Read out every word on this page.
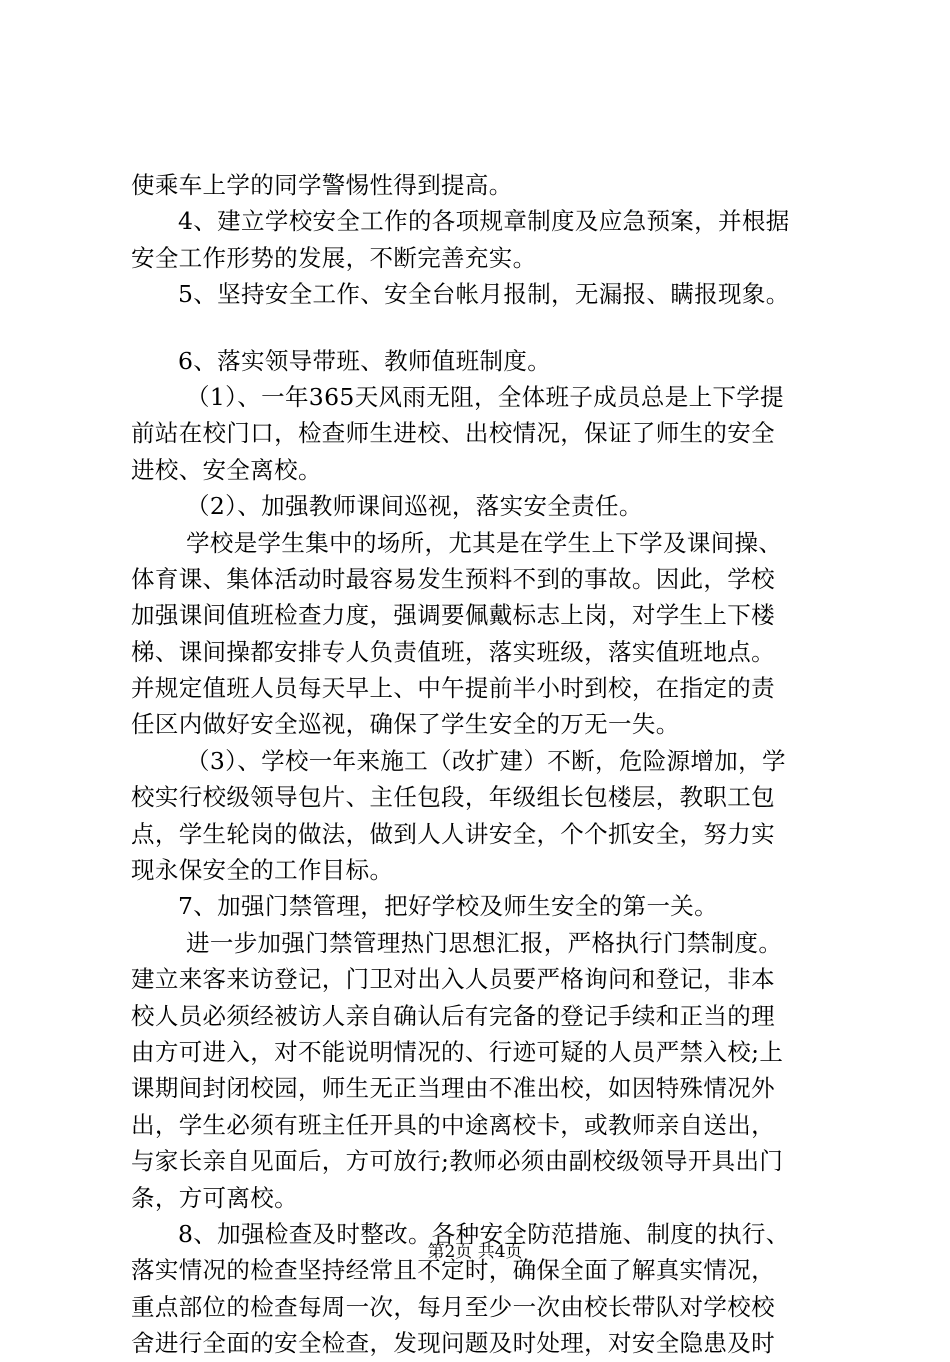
使乘车上学的同学警惕性得到提高。
4、建立学校安全工作的各项规章制度及应急预案，并根据
安全工作形势的发展，不断完善充实。
5、坚持安全工作、安全台帐月报制，无漏报、瞒报现象。
6、落实领导带班、教师值班制度。
（1）、一年365天风雨无阻，全体班子成员总是上下学提
前站在校门口，检查师生进校、出校情况，保证了师生的安全
进校、安全离校。
（2）、加强教师课间巡视，落实安全责任。
学校是学生集中的场所，尤其是在学生上下学及课间操、
体育课、集体活动时最容易发生预料不到的事故。因此，学校
加强课间值班检查力度，强调要佩戴标志上岗，对学生上下楼
梯、课间操都安排专人负责值班，落实班级，落实值班地点。
并规定值班人员每天早上、中午提前半小时到校，在指定的责
任区内做好安全巡视，确保了学生安全的万无一失。
（3）、学校一年来施工（改扩建）不断，危险源增加，学
校实行校级领导包片、主任包段，年级组长包楼层，教职工包
点，学生轮岗的做法，做到人人讲安全，个个抓安全，努力实
现永保安全的工作目标。
7、加强门禁管理，把好学校及师生安全的第一关。
进一步加强门禁管理热门思想汇报，严格执行门禁制度。
建立来客来访登记，门卫对出入人员要严格询问和登记，非本
校人员必须经被访人亲自确认后有完备的登记手续和正当的理
由方可进入，对不能说明情况的、行迹可疑的人员严禁入校;上
课期间封闭校园，师生无正当理由不准出校，如因特殊情况外
出，学生必须有班主任开具的中途离校卡，或教师亲自送出，
与家长亲自见面后，方可放行;教师必须由副校级领导开具出门
条，方可离校。
8、加强检查及时整改。各种安全防范措施、制度的执行、
落实情况的检查坚持经常且不定时，确保全面了解真实情况，
重点部位的检查每周一次，每月至少一次由校长带队对学校校
舍进行全面的安全检查，发现问题及时处理，对安全隐患及时
第2页 共4页
